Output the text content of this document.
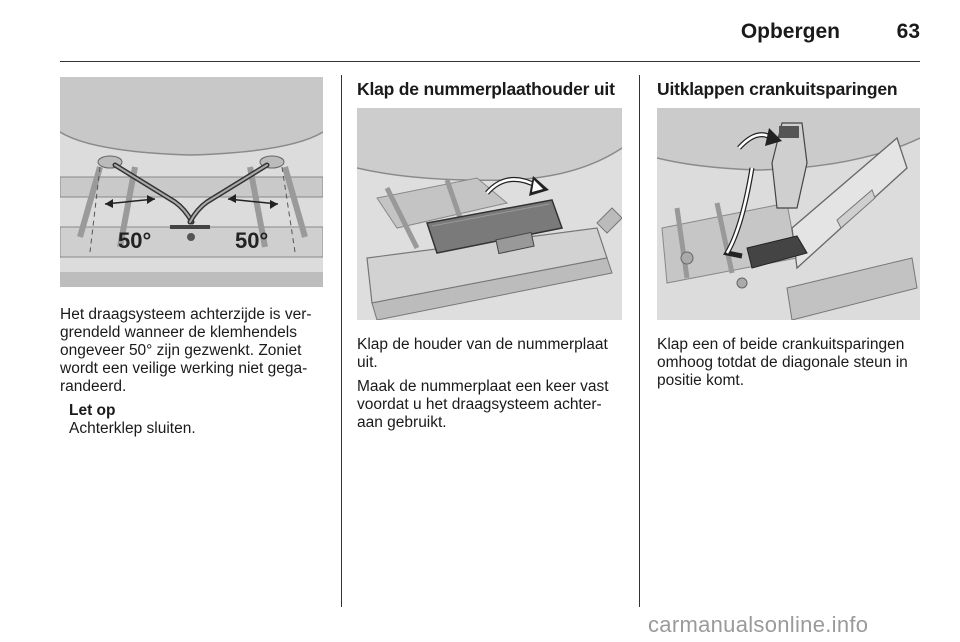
Opbergen	63
50°	50°

Het draagsysteem achterzijde is ver-
grendeld wanneer de klemhendels
ongeveer 50° zijn gezwenkt. Zoniet
wordt een veilige werking niet gega-
randeerd.

Let op
Achterklep sluiten.
Klap de nummerplaathouder uit

Klap de houder van de nummerplaat
uit.

Maak de nummerplaat een keer vast
voordat u het draagsysteem achter-
aan gebruikt.

Uitklappen crankuitsparingen

Klap een of beide crankuitsparingen
omhoog totdat de diagonale steun in
positie komt.

carmanualsonline.info
